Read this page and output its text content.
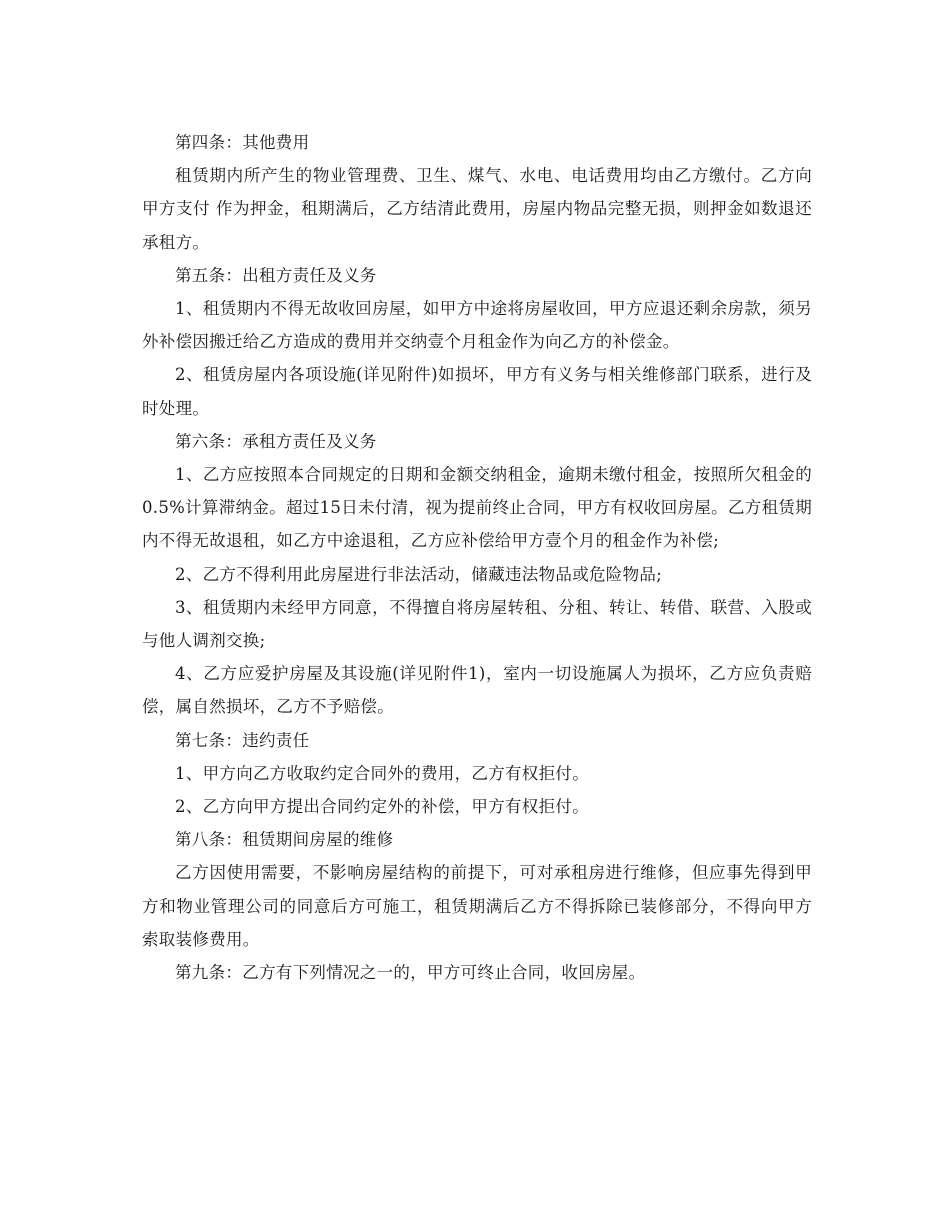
第四条：其他费用

租赁期内所产生的物业管理费、卫生、煤气、水电、电话费用均由乙方缴付。乙方向甲方支付 作为押金，租期满后，乙方结清此费用，房屋内物品完整无损，则押金如数退还承租方。

第五条：出租方责任及义务

1、租赁期内不得无故收回房屋，如甲方中途将房屋收回，甲方应退还剩余房款，须另外补偿因搬迁给乙方造成的费用并交纳壹个月租金作为向乙方的补偿金。

2、租赁房屋内各项设施(详见附件)如损坏，甲方有义务与相关维修部门联系，进行及时处理。

第六条：承租方责任及义务

1、乙方应按照本合同规定的日期和金额交纳租金，逾期未缴付租金，按照所欠租金的0.5%计算滞纳金。超过15日未付清，视为提前终止合同，甲方有权收回房屋。乙方租赁期内不得无故退租，如乙方中途退租，乙方应补偿给甲方壹个月的租金作为补偿;

2、乙方不得利用此房屋进行非法活动，储藏违法物品或危险物品;

3、租赁期内未经甲方同意，不得擅自将房屋转租、分租、转让、转借、联营、入股或与他人调剂交换;

4、乙方应爱护房屋及其设施(详见附件1)，室内一切设施属人为损坏，乙方应负责赔偿，属自然损坏，乙方不予赔偿。

第七条：违约责任

1、甲方向乙方收取约定合同外的费用，乙方有权拒付。

2、乙方向甲方提出合同约定外的补偿，甲方有权拒付。

第八条：租赁期间房屋的维修

乙方因使用需要，不影响房屋结构的前提下，可对承租房进行维修，但应事先得到甲方和物业管理公司的同意后方可施工，租赁期满后乙方不得拆除已装修部分，不得向甲方索取装修费用。

第九条：乙方有下列情况之一的，甲方可终止合同，收回房屋。
